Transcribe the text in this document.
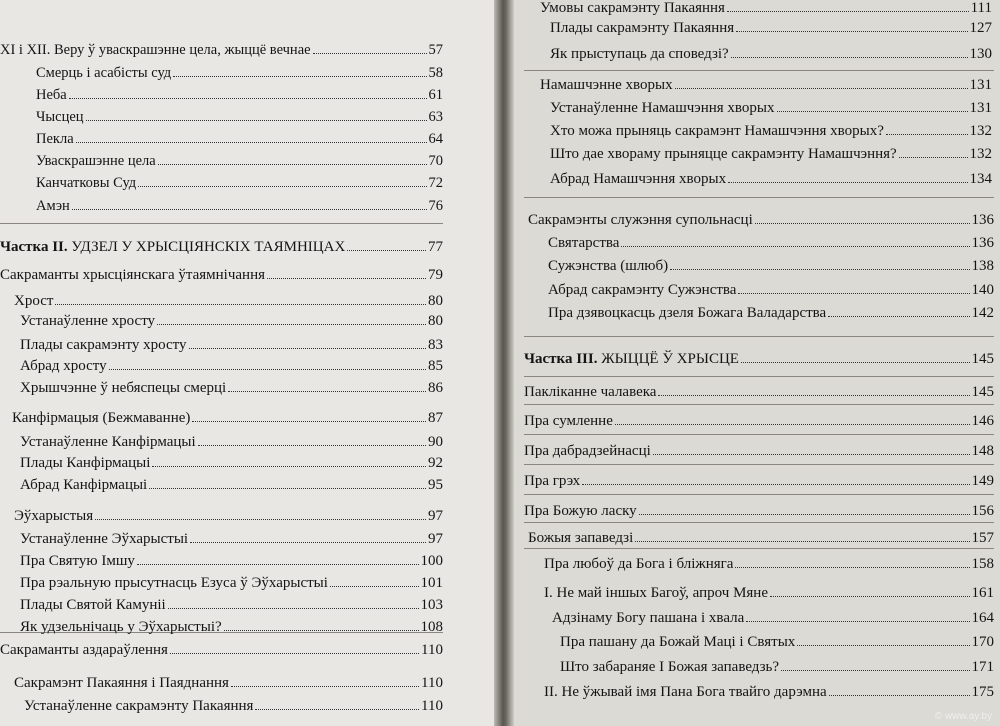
XI і XII. Веру ў уваскрашэнне цела, жыццё вечнае	57
Смерць і асабісты суд	58
Неба	61
Чысцец	63
Пекла	64
Уваскрашэнне цела	70
Канчатковы Суд	72
Амэн	76
Частка II. УДЗЕЛ У ХРЫСЦІЯНСКІХ ТАЯМНІЦАХ	77
Сакраманты хрысціянскага ўтаямнічання	79
Хрост	80
Устанаўленне хросту	80
Плады сакрамэнту хросту	83
Абрад хросту	85
Хрышчэнне ў небяспецы смерці	86
Канфірмацыя (Бежмаванне)	87
Устанаўленне Канфірмацыі	90
Плады Канфірмацыі	92
Абрад Канфірмацыі	95
Эўхарыстыя	97
Устанаўленне Эўхарыстыі	97
Пра Святую Імшу	100
Пра рэальную прысутнасць Езуса ў Эўхарыстыі	101
Плады Святой Камуніі	103
Як удзельнічаць у Эўхарыстыі?	108
Сакраманты аздараўлення	110
Сакрамэнт Пакаяння і Паяднання	110
Устанаўленне сакрамэнту Пакаяння	110
Умовы сакрамэнту Пакаяння	111
Плады сакрамэнту Пакаяння	127
Як прыступаць да споведзі?	130
Намашчэнне хворых	131
Устанаўленне Намашчэння хворых	131
Хто можа прыняць сакрамэнт Намашчэння хворых?	132
Што дае хвораму прыняцце сакрамэнту Намашчэння?	132
Абрад Намашчэння хворых	134
Сакрамэнты служэння супольнасці	136
Святарства	136
Сужэнства (шлюб)	138
Абрад сакрамэнту Сужэнства	140
Пра дзявоцкасць дзеля Божага Валадарства	142
Частка III. ЖЫЦЦЁ Ў ХРЫСЦЕ	145
Пакліканне чалавека	145
Пра сумленне	146
Пра дабрадзейнасці	148
Пра грэх	149
Пра Божую ласку	156
Божыя запаведзі	157
Пра любоў да Бога і бліжняга	158
І. Не май іншых Багоў, апроч Мяне	161
Адзінаму Богу пашана і хвала	164
Пра пашану да Божай Маці і Святых	170
Што забараняе І Божая запаведзь?	171
ІІ. Не ўжывай імя Пана Бога твайго дарэмна	175
© www.ay.by
